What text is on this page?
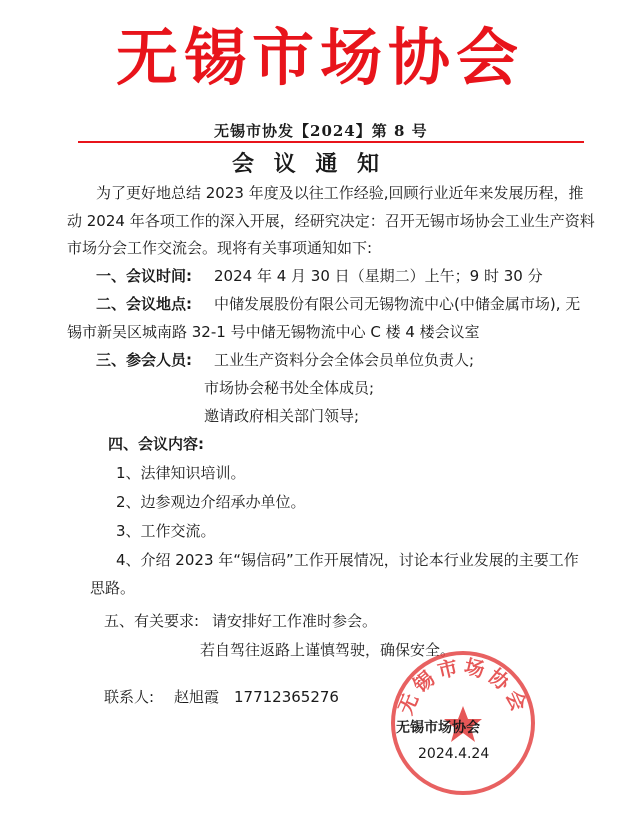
无锡市场协会
无锡市协发【2024】第 8 号
会 议 通 知
为了更好地总结 2023 年度及以往工作经验,回顾行业近年来发展历程，推
动 2024 年各项工作的深入开展，经研究决定：召开无锡市场协会工业生产资料
市场分会工作交流会。现将有关事项通知如下:
一、会议时间: 2024 年 4 月 30 日（星期二）上午；9 时 30 分
二、会议地点: 中储发展股份有限公司无锡物流中心(中储金属市场), 无
锡市新吴区城南路 32-1 号中储无锡物流中心 C 楼 4 楼会议室
三、参会人员: 工业生产资料分会全体会员单位负责人;
市场协会秘书处全体成员;
邀请政府相关部门领导;
四、会议内容:
1、法律知识培训。
2、边参观边介绍承办单位。
3、工作交流。
4、介绍 2023 年“锡信码”工作开展情况，讨论本行业发展的主要工作
思路。
五、有关要求: 请安排好工作准时参会。
若自驾往返路上谨慎驾驶，确保安全。
联系人: 赵旭霞 17712365276	无锡市场协会
无锡市场协会
2024.4.24
